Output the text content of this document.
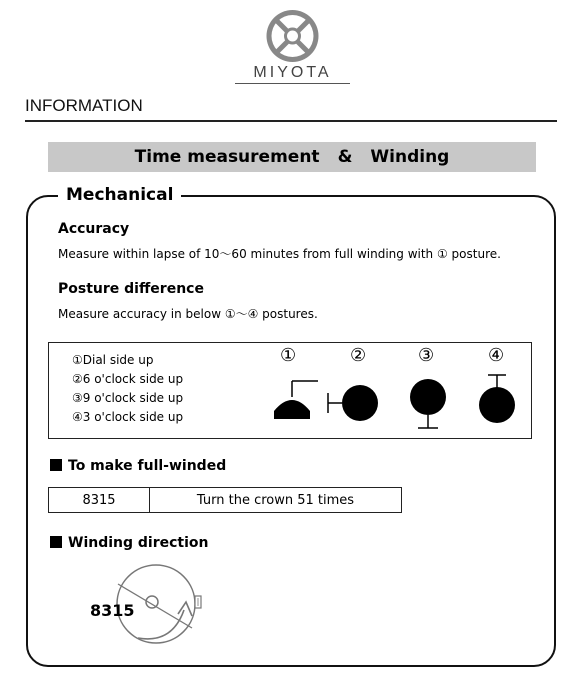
MIYOTA
INFORMATION
Time measurement & Winding
Mechanical
Accuracy
Measure within lapse of 10～60 minutes from full winding with ① posture.
Posture difference
Measure accuracy in below ①～④ postures.
①Dial side up
②6 o'clock side up
③9 o'clock side up
④3 o'clock side up
①	②	③	④
To make full-winded
8315	Turn the crown 51 times
Winding direction
8315
